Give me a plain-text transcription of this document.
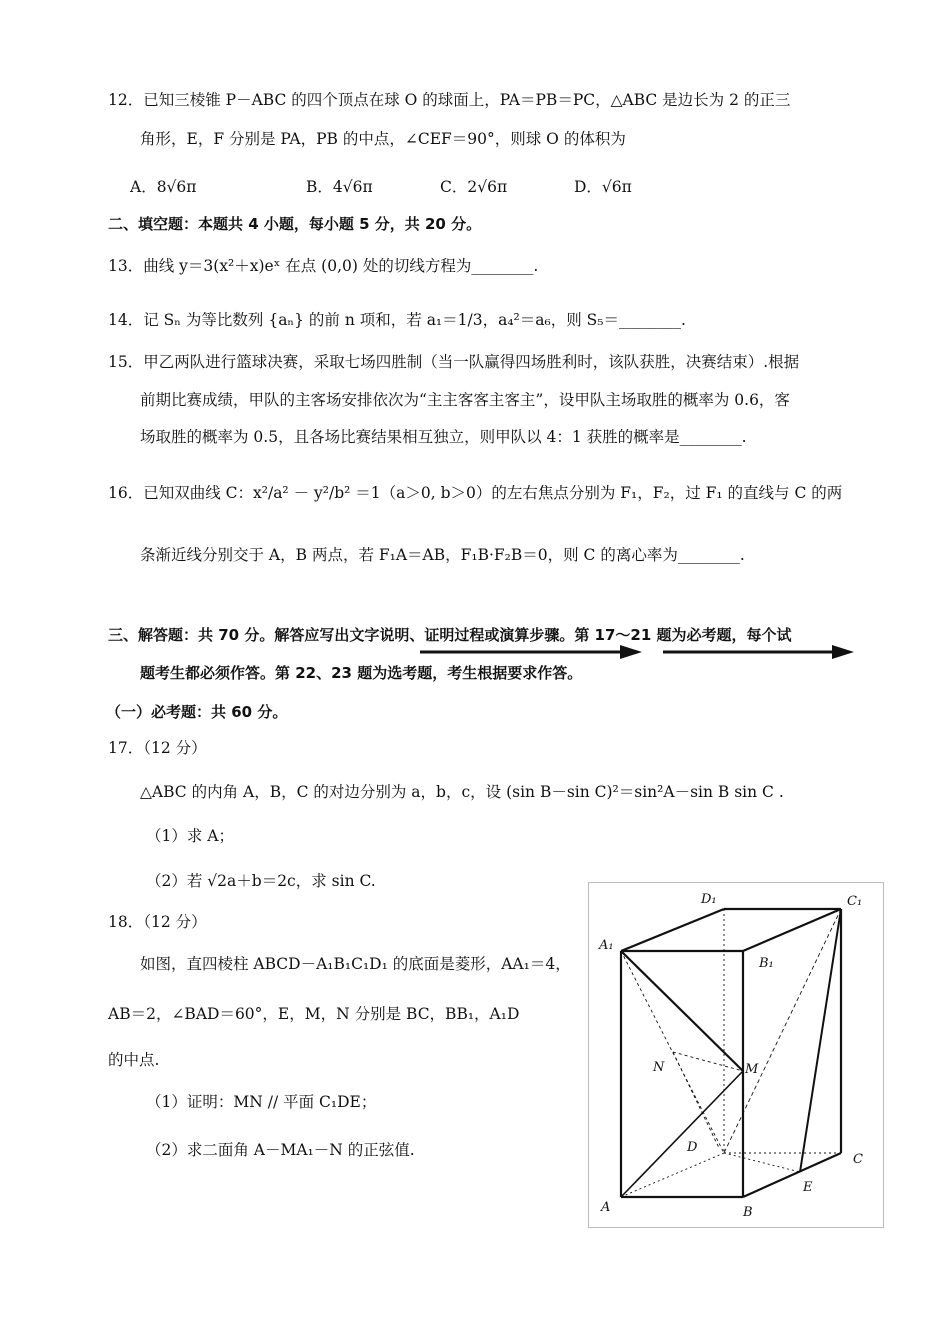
12．已知三棱锥 P－ABC 的四个顶点在球 O 的球面上，PA＝PB＝PC，△ABC 是边长为 2 的正三
角形，E，F 分别是 PA，PB 的中点，∠CEF＝90°，则球 O 的体积为
A．8√6π	B．4√6π	C．2√6π	D．√6π
二、填空题：本题共 4 小题，每小题 5 分，共 20 分。
13．曲线 y＝3(x²＋x)eˣ 在点 (0,0) 处的切线方程为________.
14．记 Sₙ 为等比数列 {aₙ} 的前 n 项和，若 a₁＝1/3，a₄²＝a₆，则 S₅＝________.
15．甲乙两队进行篮球决赛，采取七场四胜制（当一队赢得四场胜利时，该队获胜，决赛结束）.根据
前期比赛成绩，甲队的主客场安排依次为“主主客客主客主”，设甲队主场取胜的概率为 0.6，客
场取胜的概率为 0.5，且各场比赛结果相互独立，则甲队以 4：1 获胜的概率是________.
16．已知双曲线 C：x²/a² － y²/b² ＝1（a＞0, b＞0）的左右焦点分别为 F₁，F₂，过 F₁ 的直线与 C 的两
条渐近线分别交于 A，B 两点，若 F₁A＝AB，F₁B·F₂B＝0，则 C 的离心率为________.
三、解答题：共 70 分。解答应写出文字说明、证明过程或演算步骤。第 17～21 题为必考题，每个试
题考生都必须作答。第 22、23 题为选考题，考生根据要求作答。
（一）必考题：共 60 分。
17．（12 分）
△ABC 的内角 A，B，C 的对边分别为 a，b，c，设 (sin B－sin C)²＝sin²A－sin B sin C .
（1）求 A；
（2）若 √2a＋b＝2c，求 sin C.
18．（12 分）
如图，直四棱柱 ABCD－A₁B₁C₁D₁ 的底面是菱形，AA₁＝4，
AB＝2，∠BAD＝60°，E，M，N 分别是 BC，BB₁，A₁D
的中点.
（1）证明：MN // 平面 C₁DE；
（2）求二面角 A－MA₁－N 的正弦值.
D₁	C₁
A₁
B₁
N	M
D
C
A	B
E
